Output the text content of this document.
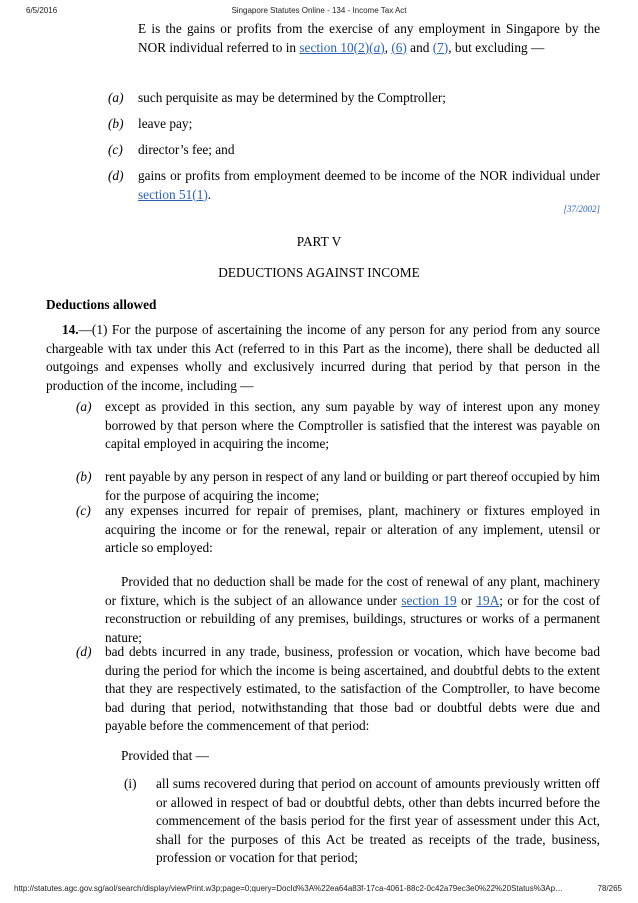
6/5/2016	Singapore Statutes Online - 134 - Income Tax Act

E is the gains or profits from the exercise of any employment in Singapore by the NOR individual referred to in section 10(2)(a), (6) and (7), but excluding —

(a) such perquisite as may be determined by the Comptroller;
(b) leave pay;
(c) director’s fee; and
(d) gains or profits from employment deemed to be income of the NOR individual under section 51(1).

[37/2002]
PART V
DEDUCTIONS AGAINST INCOME
Deductions allowed

14.—(1) For the purpose of ascertaining the income of any person for any period from any source chargeable with tax under this Act (referred to in this Part as the income), there shall be deducted all outgoings and expenses wholly and exclusively incurred during that period by that person in the production of the income, including —

(a) except as provided in this section, any sum payable by way of interest upon any money borrowed by that person where the Comptroller is satisfied that the interest was payable on capital employed in acquiring the income;
(b) rent payable by any person in respect of any land or building or part thereof occupied by him for the purpose of acquiring the income;
(c) any expenses incurred for repair of premises, plant, machinery or fixtures employed in acquiring the income or for the renewal, repair or alteration of any implement, utensil or article so employed:

Provided that no deduction shall be made for the cost of renewal of any plant, machinery or fixture, which is the subject of an allowance under section 19 or 19A; or for the cost of reconstruction or rebuilding of any premises, buildings, structures or works of a permanent nature;

(d) bad debts incurred in any trade, business, profession or vocation, which have become bad during the period for which the income is being ascertained, and doubtful debts to the extent that they are respectively estimated, to the satisfaction of the Comptroller, to have become bad during that period, notwithstanding that those bad or doubtful debts were due and payable before the commencement of that period:
Provided that —
(i) all sums recovered during that period on account of amounts previously written off or allowed in respect of bad or doubtful debts, other than debts incurred before the commencement of the basis period for the first year of assessment under this Act, shall for the purposes of this Act be treated as receipts of the trade, business, profession or vocation for that period;
http://statutes.agc.gov.sg/aol/search/display/viewPrint.w3p;page=0;query=DocId%3A%22ea64a83f-17ca-4061-88c2-0c42a79ec3e0%22%20Status%3Ap…	78/265
